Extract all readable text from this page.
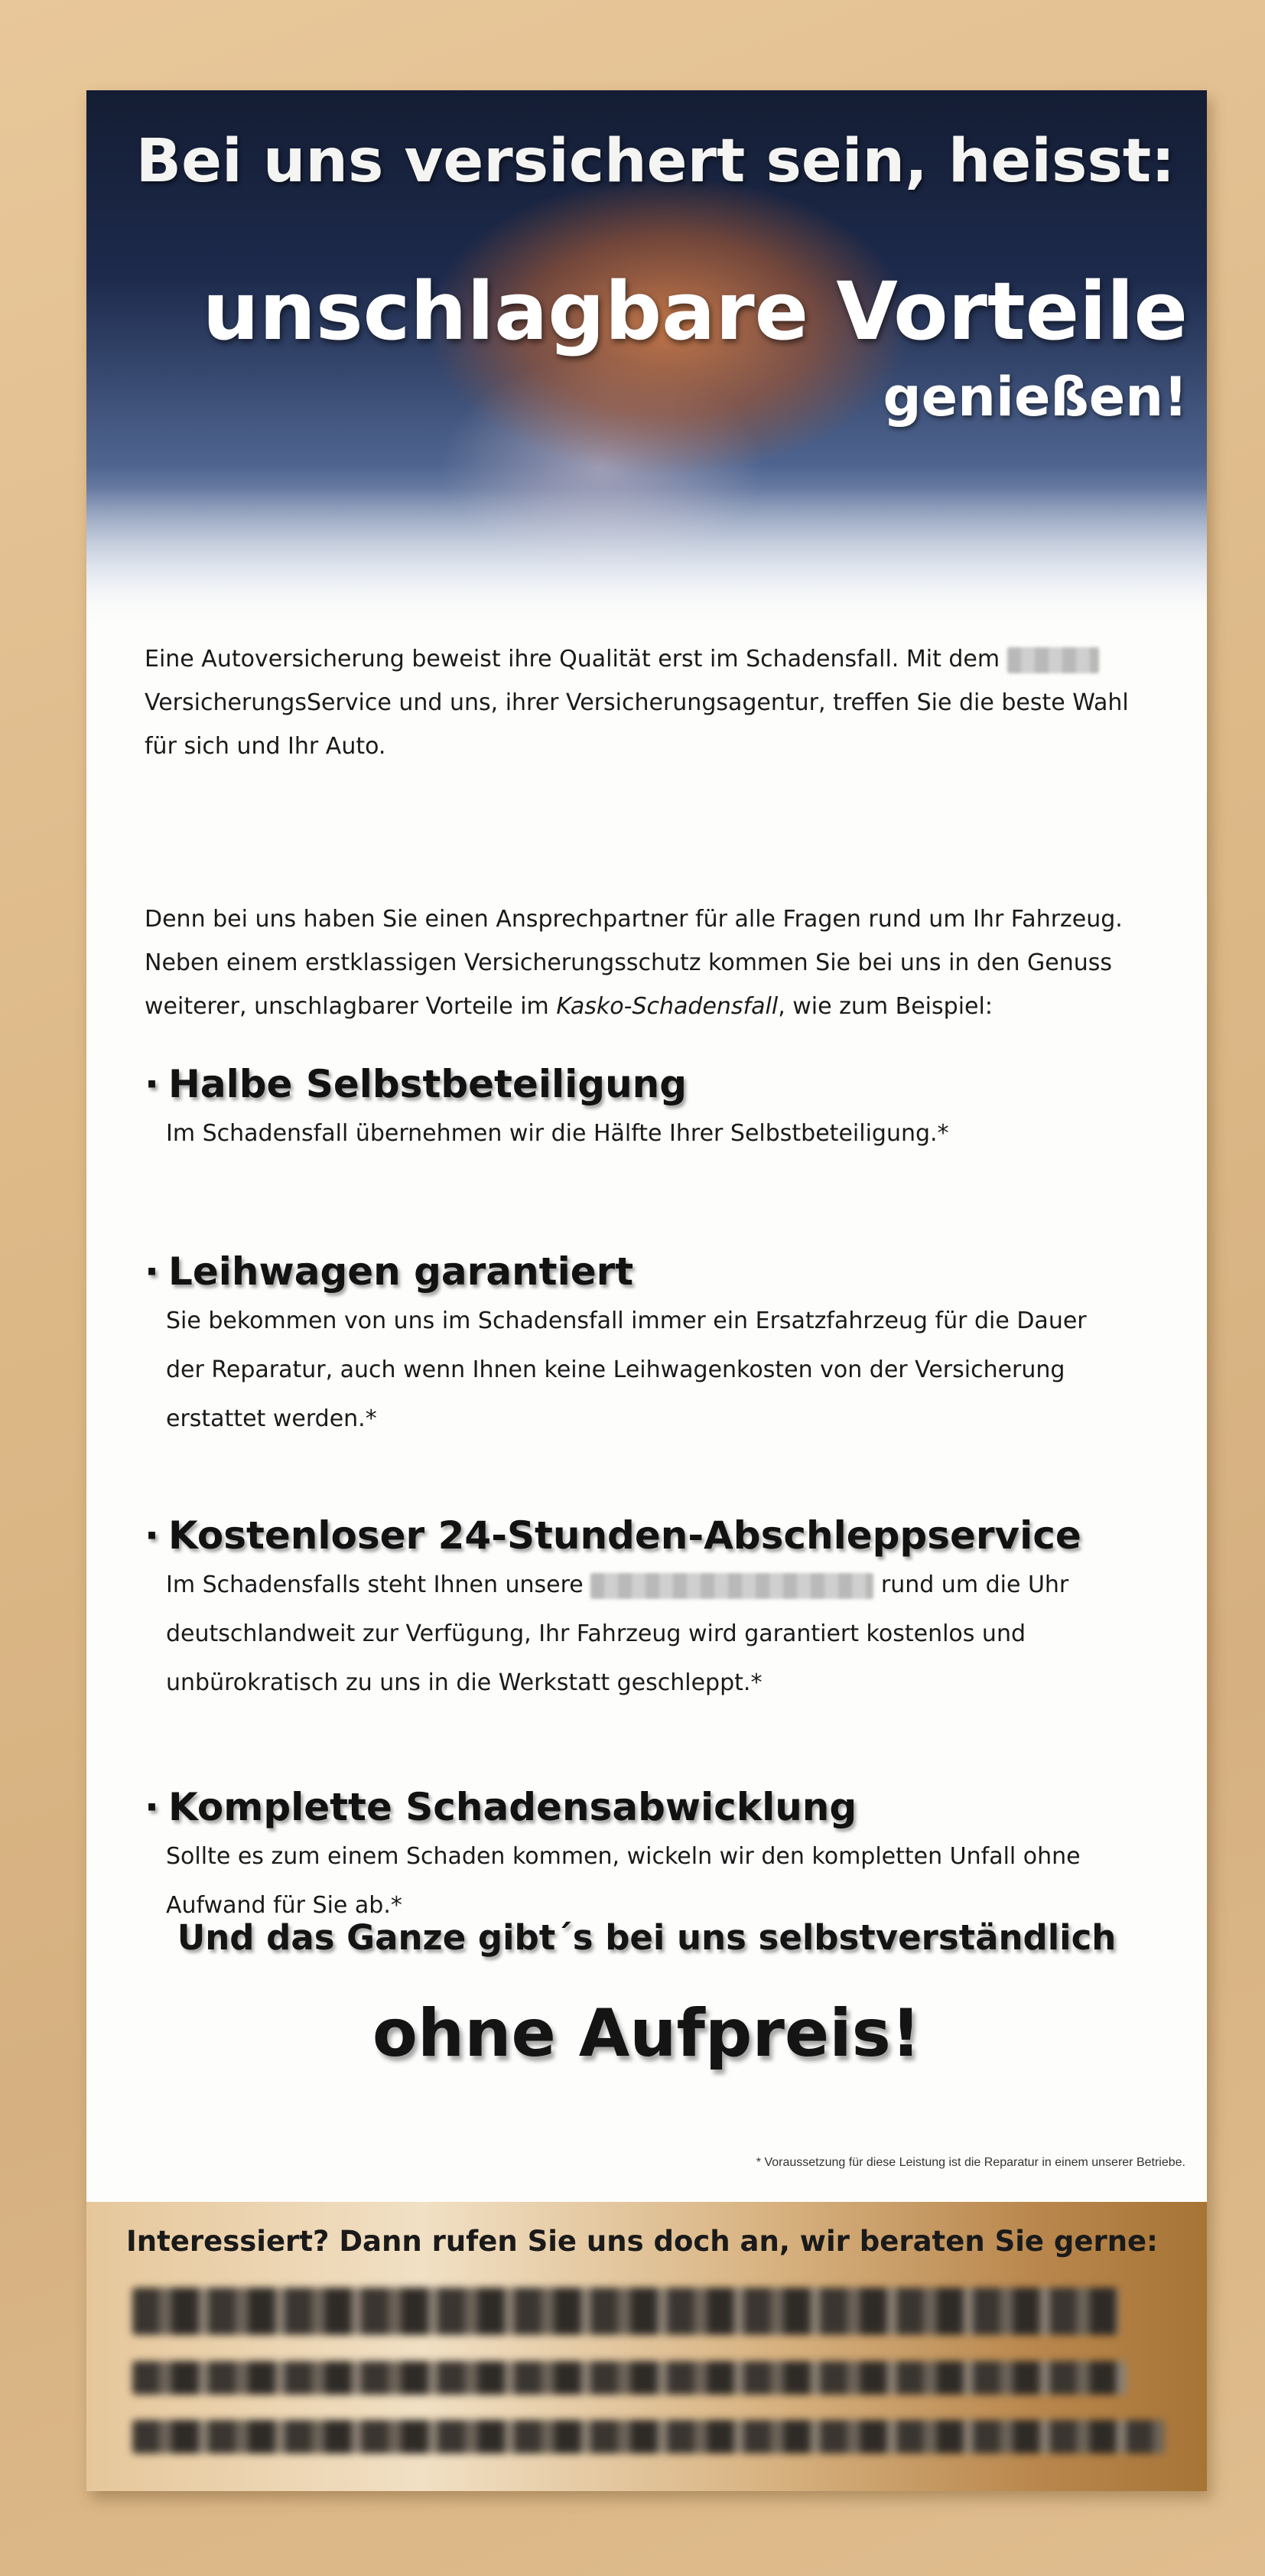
Bei uns versichert sein, heisst:
unschlagbare Vorteile
genießen!
Eine Autoversicherung beweist ihre Qualität erst im Schadensfall. Mit dem  VersicherungsService und uns, ihrer Versicherungsagentur, treffen Sie die beste Wahl für sich und Ihr Auto.
Denn bei uns haben Sie einen Ansprechpartner für alle Fragen rund um Ihr Fahrzeug. Neben einem erstklassigen Versicherungsschutz kommen Sie bei uns in den Genuss weiterer, unschlagbarer Vorteile im Kasko-Schadensfall, wie zum Beispiel:
· Halbe Selbstbeteiligung
Im Schadensfall übernehmen wir die Hälfte Ihrer Selbstbeteiligung.*
· Leihwagen garantiert
Sie bekommen von uns im Schadensfall immer ein Ersatzfahrzeug für die Dauer der Reparatur, auch wenn Ihnen keine Leihwagenkosten von der Versicherung erstattet werden.*
· Kostenloser 24-Stunden-Abschleppservice
Im Schadensfalls steht Ihnen unsere	rund um die Uhr deutschlandweit zur Verfügung, Ihr Fahrzeug wird garantiert kostenlos und unbürokratisch zu uns in die Werkstatt geschleppt.*
· Komplette Schadensabwicklung
Sollte es zum einem Schaden kommen, wickeln wir den kompletten Unfall ohne Aufwand für Sie ab.*
Und das Ganze gibt´s bei uns selbstverständlich
ohne Aufpreis!
* Voraussetzung für diese Leistung ist die Reparatur in einem unserer Betriebe.
Interessiert? Dann rufen Sie uns doch an, wir beraten Sie gerne:
